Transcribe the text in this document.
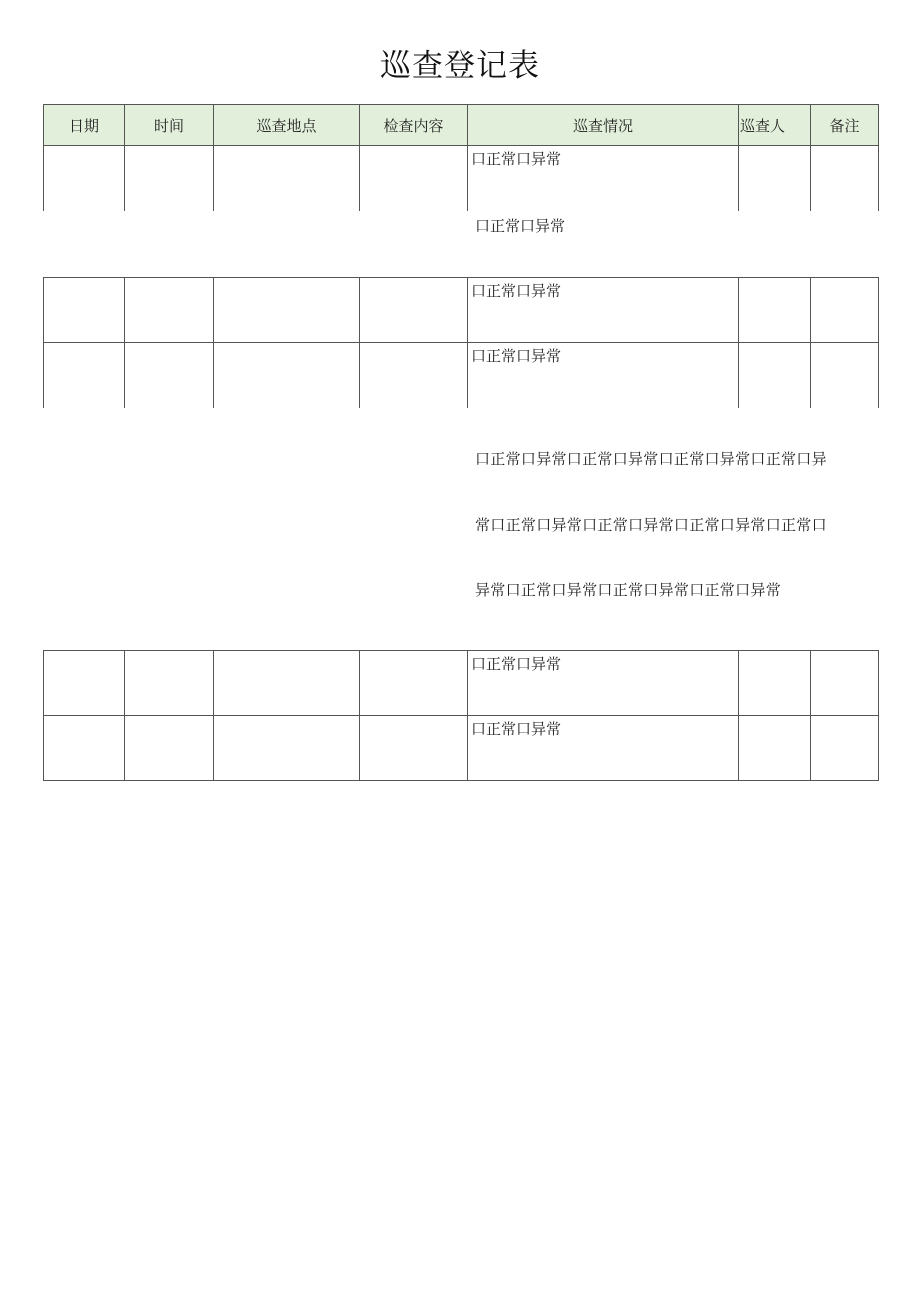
巡查登记表
日期	时间	巡查地点	检查内容	巡查情况	巡查人	备注
				口正常口异常		
口正常口异常
				口正常口异常		
				口正常口异常		
口正常口异常口正常口异常口正常口异常口正常口异
常口正常口异常口正常口异常口正常口异常口正常口
异常口正常口异常口正常口异常口正常口异常
				口正常口异常		
				口正常口异常		
